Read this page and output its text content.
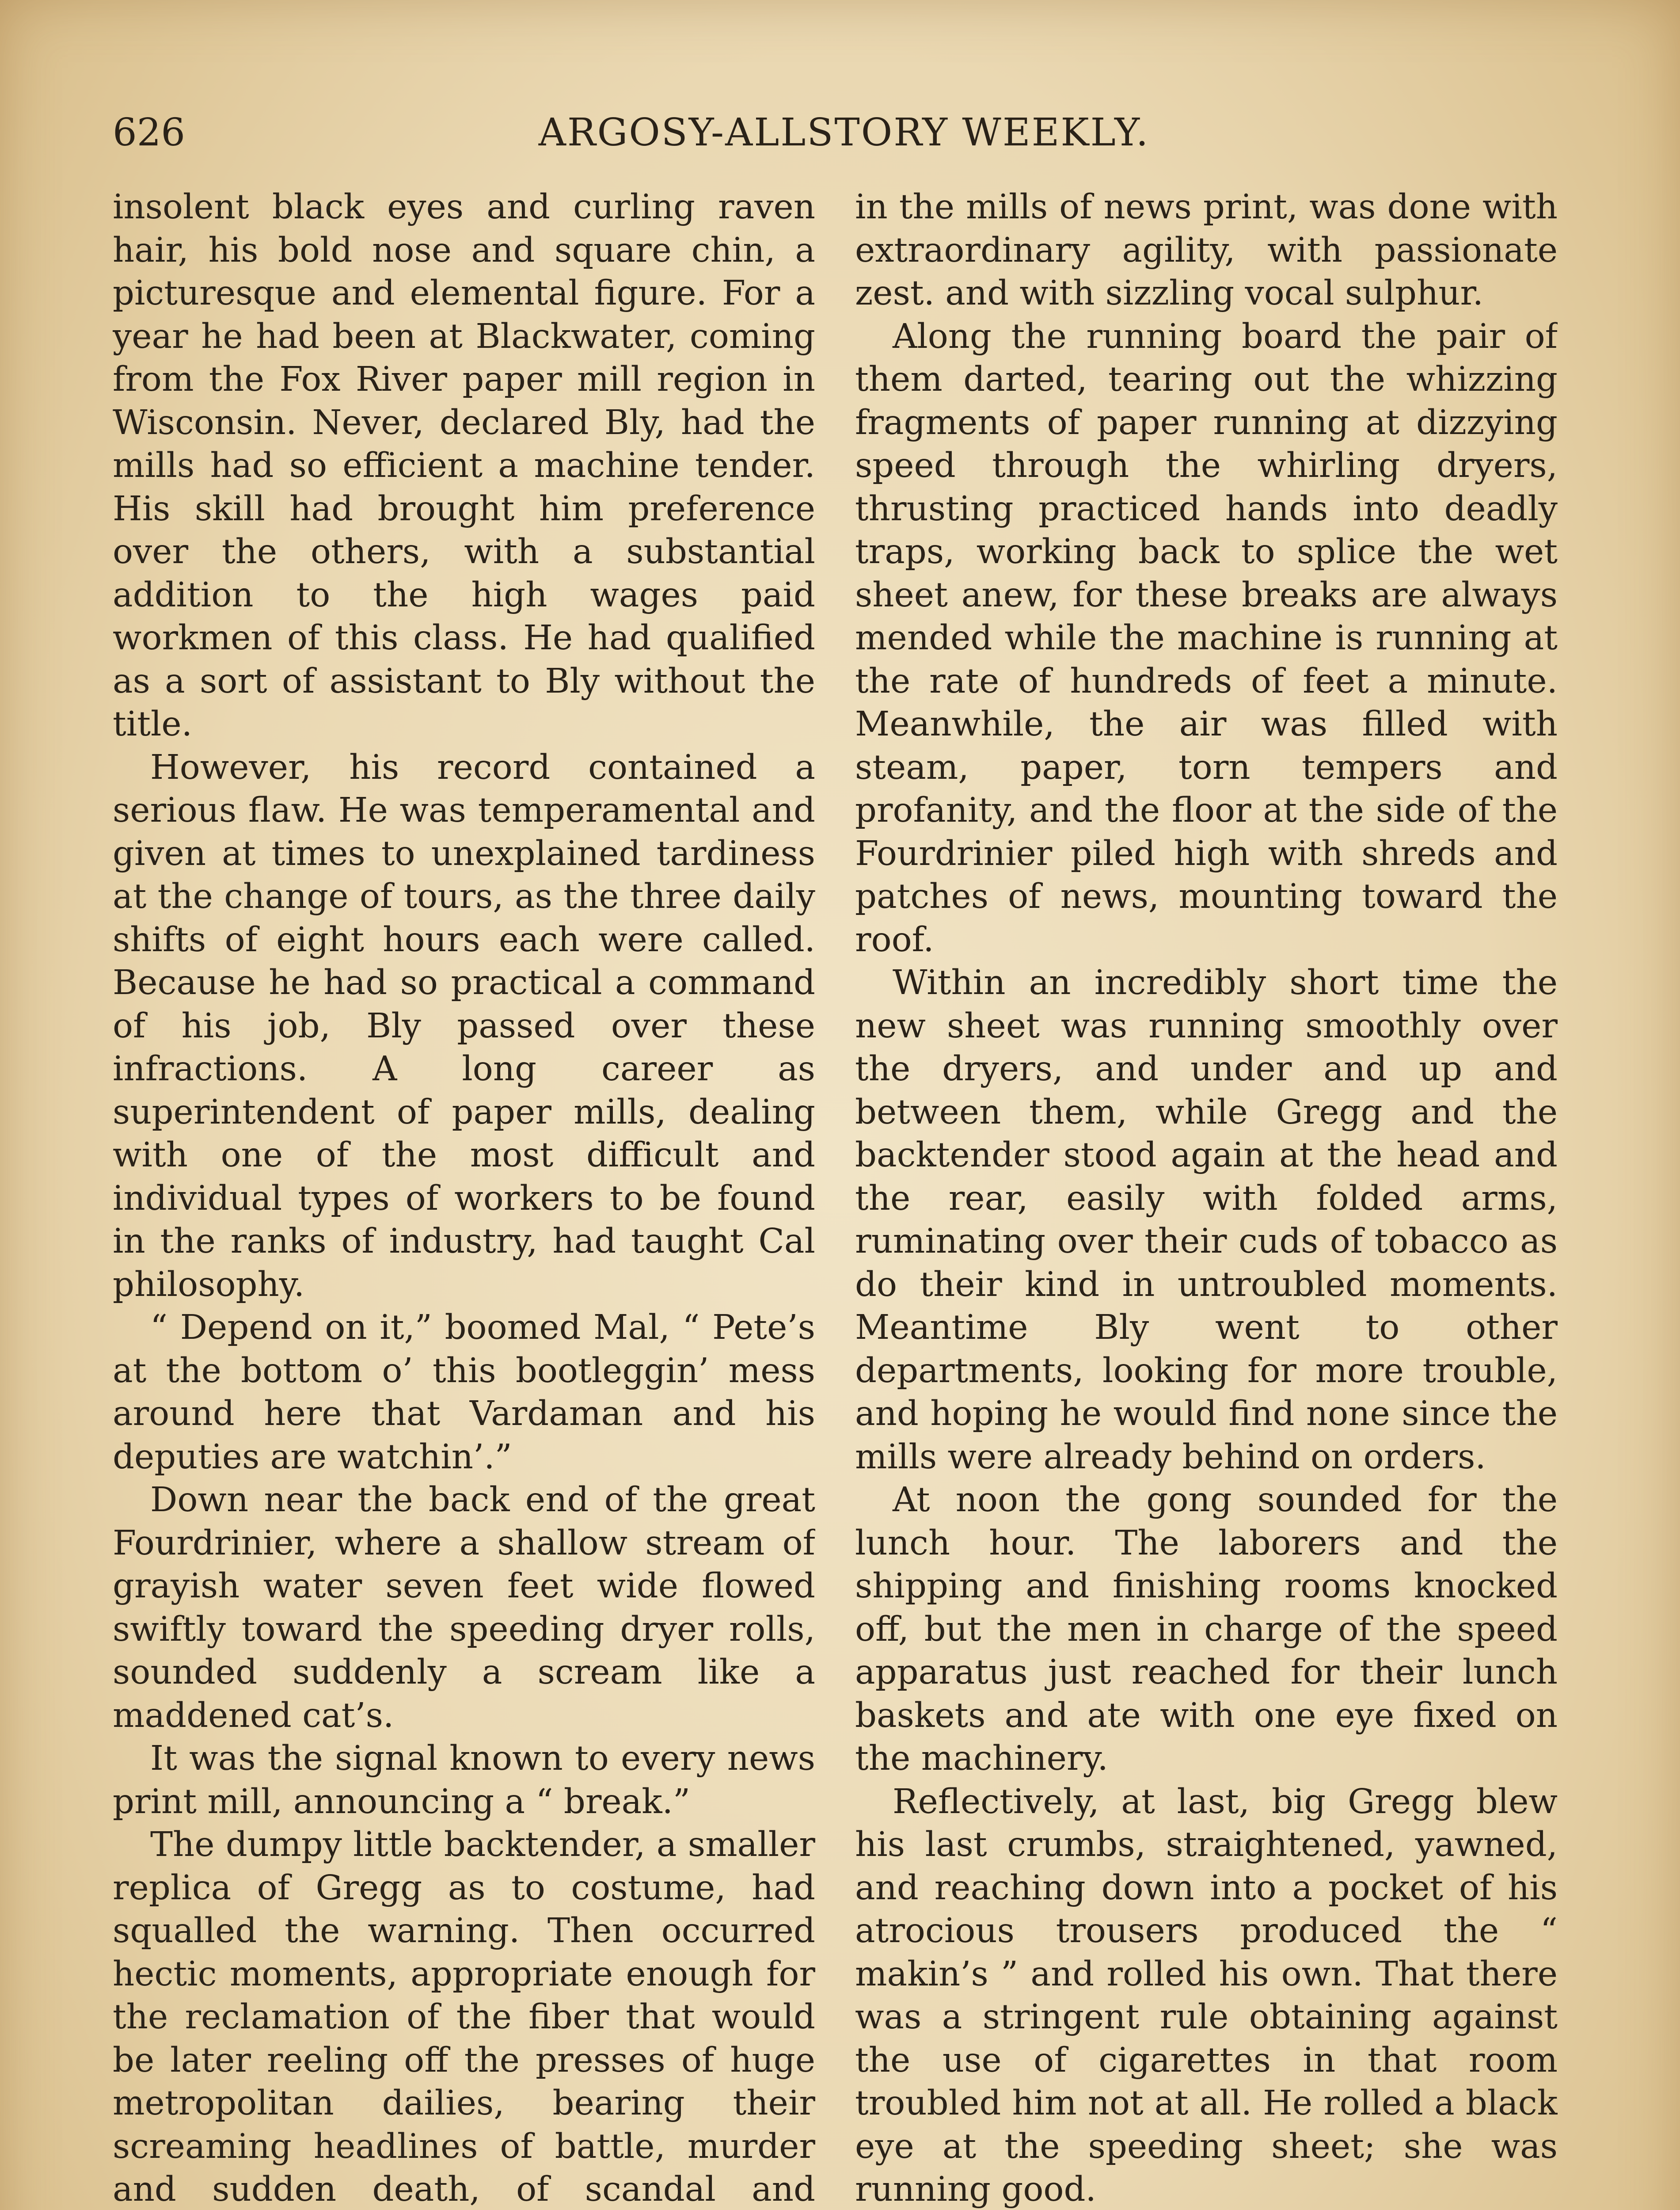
626	ARGOSY-ALLSTORY WEEKLY.

insolent black eyes and curling raven hair, his bold nose and square chin, a picturesque and elemental figure. For a year he had been at Blackwater, coming from the Fox River paper mill region in Wisconsin. Never, declared Bly, had the mills had so efficient a machine tender. His skill had brought him preference over the others, with a substantial addition to the high wages paid workmen of this class. He had qualified as a sort of assistant to Bly without the title.

However, his record contained a serious flaw. He was temperamental and given at times to unexplained tardiness at the change of tours, as the three daily shifts of eight hours each were called. Because he had so practical a command of his job, Bly passed over these infractions. A long career as superintendent of paper mills, dealing with one of the most difficult and individual types of workers to be found in the ranks of industry, had taught Cal philosophy.

“ Depend on it,” boomed Mal, “ Pete’s at the bottom o’ this bootleggin’ mess around here that Vardaman and his deputies are watchin’.”

Down near the back end of the great Fourdrinier, where a shallow stream of grayish water seven feet wide flowed swiftly toward the speeding dryer rolls, sounded suddenly a scream like a maddened cat’s.

It was the signal known to every news print mill, announcing a “ break.”

The dumpy little backtender, a smaller replica of Gregg as to costume, had squalled the warning. Then occurred hectic moments, appropriate enough for the reclamation of the fiber that would be later reeling off the presses of huge metropolitan dailies, bearing their screaming headlines of battle, murder and sudden death, of scandal and

in the mills of news print, was done with extraordinary agility, with passionate zest. and with sizzling vocal sulphur.

Along the running board the pair of them darted, tearing out the whizzing fragments of paper running at dizzying speed through the whirling dryers, thrusting practiced hands into deadly traps, working back to splice the wet sheet anew, for these breaks are always mended while the machine is running at the rate of hundreds of feet a minute. Meanwhile, the air was filled with steam, paper, torn tempers and profanity, and the floor at the side of the Fourdrinier piled high with shreds and patches of news, mounting toward the roof.

Within an incredibly short time the new sheet was running smoothly over the dryers, and under and up and between them, while Gregg and the backtender stood again at the head and the rear, easily with folded arms, ruminating over their cuds of tobacco as do their kind in untroubled moments. Meantime Bly went to other departments, looking for more trouble, and hoping he would find none since the mills were already behind on orders.

At noon the gong sounded for the lunch hour. The laborers and the shipping and finishing rooms knocked off, but the men in charge of the speed apparatus just reached for their lunch baskets and ate with one eye fixed on the machinery.

Reflectively, at last, big Gregg blew his last crumbs, straightened, yawned, and reaching down into a pocket of his atrocious trousers produced the “ makin’s ” and rolled his own. That there was a stringent rule obtaining against the use of cigarettes in that room troubled him not at all. He rolled a black eye at the speeding sheet; she was running good.
